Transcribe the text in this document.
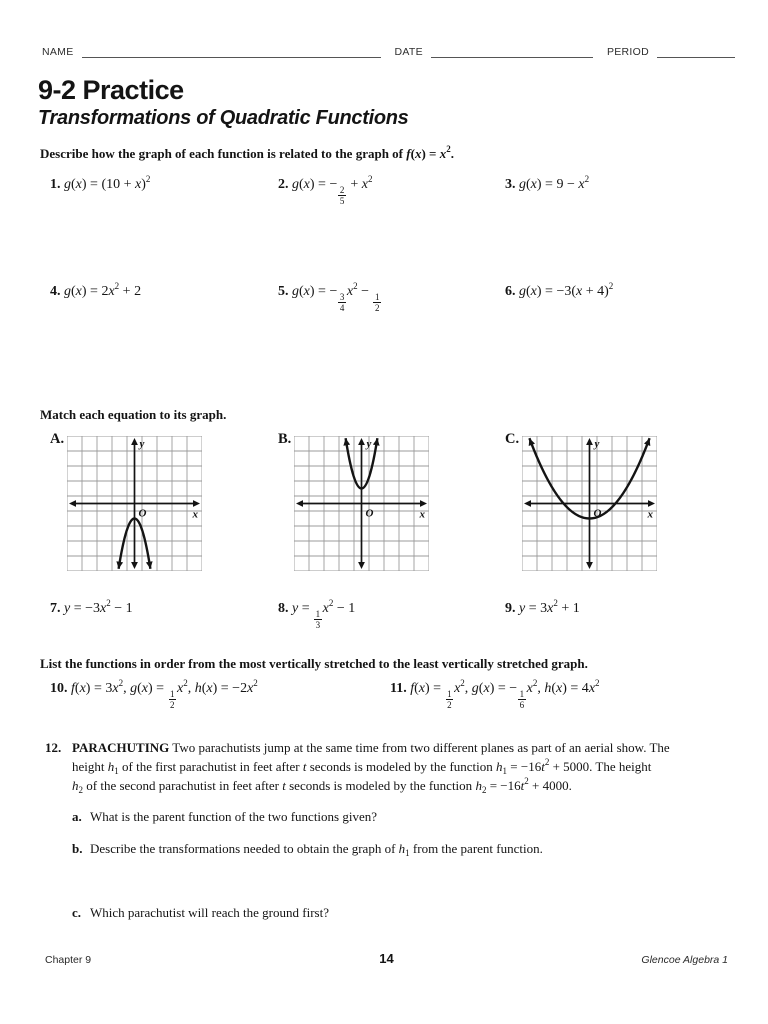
NAME	DATE	PERIOD
9-2 Practice
Transformations of Quadratic Functions
Describe how the graph of each function is related to the graph of $f(x) = x^2$.
1. $g(x) = (10 + x)^2$	2. g(x) = − $\frac{2}{5} + x^2$	3. $g(x) = 9 - x^2$
4. $g(x) = 2x^2 + 2$	5. g(x) = − $\frac{3}{4} x^2 - \frac{1}{2}$	6. $g(x) = -3(x + 4)^2$
Match each equation to its graph.
A.	y
x
O
B.	y
x
O
C.	y
x
O
7. $y = -3x^2 - 1$	8. $y = \frac{1}{3} x^2 - 1$	9. $y = 3x^2 + 1$
List the functions in order from the most vertically stretched to the least vertically stretched graph.
10. $f(x) = 3x^2$, $g(x) = \frac{1}{2} x^2$, $h(x) = -2x^2$	11. $f(x) = \frac{1}{2} x^2$, g(x) = − $\frac{1}{6} x^2$, $h(x) = 4x^2$
12. PARACHUTING Two parachutists jump at the same time from two different planes as part of an aerial show. The
height $h_1$ of the first parachutist in feet after t seconds is modeled by the function $h_1 = -16t^2 + 5000$. The height
$h_2$ of the second parachutist in feet after t seconds is modeled by the function $h_2 = -16t^2 + 4000$.
a. What is the parent function of the two functions given?
b. Describe the transformations needed to obtain the graph of $h_1$ from the parent function.
c. Which parachutist will reach the ground first?
Chapter 9	14	Glencoe Algebra 1
